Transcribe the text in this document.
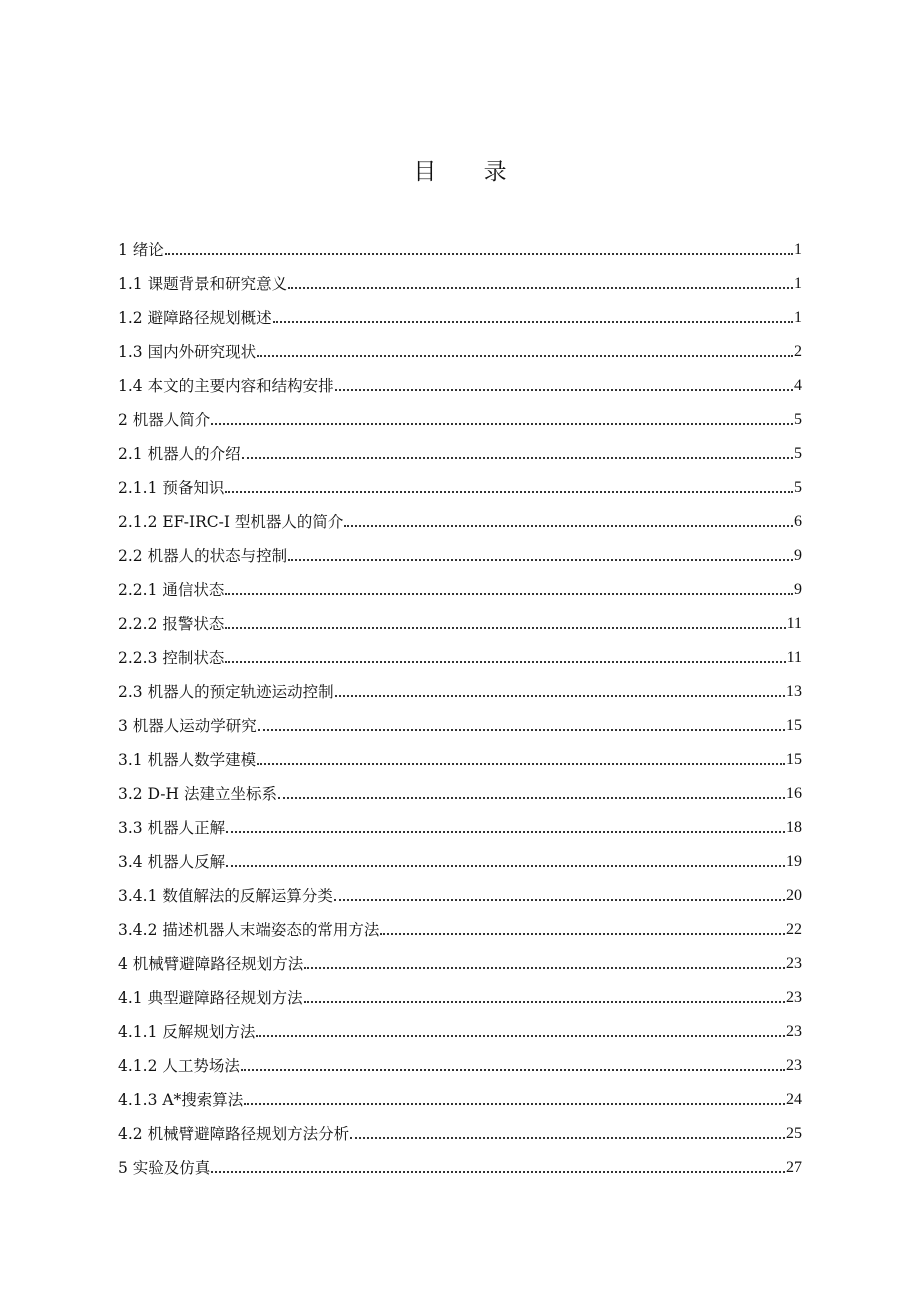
目 录
1 绪论	1
1.1 课题背景和研究意义	1
1.2 避障路径规划概述	1
1.3 国内外研究现状	2
1.4 本文的主要内容和结构安排	4
2 机器人简介	5
2.1 机器人的介绍	5
2.1.1 预备知识	5
2.1.2 EF-IRC-I 型机器人的简介	6
2.2 机器人的状态与控制	9
2.2.1 通信状态	9
2.2.2 报警状态	11
2.2.3 控制状态	11
2.3 机器人的预定轨迹运动控制	13
3 机器人运动学研究	15
3.1 机器人数学建模	15
3.2 D-H 法建立坐标系	16
3.3 机器人正解	18
3.4 机器人反解	19
3.4.1 数值解法的反解运算分类	20
3.4.2 描述机器人末端姿态的常用方法	22
4 机械臂避障路径规划方法	23
4.1 典型避障路径规划方法	23
4.1.1 反解规划方法	23
4.1.2 人工势场法	23
4.1.3 A*搜索算法	24
4.2 机械臂避障路径规划方法分析	25
5 实验及仿真	27
